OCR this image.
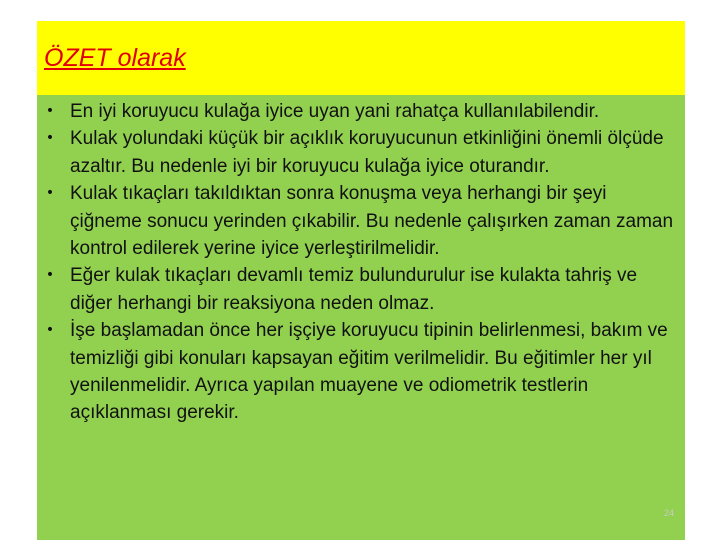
ÖZET olarak
• En iyi koruyucu kulağa iyice uyan yani rahatça kullanılabilendir.
• Kulak yolundaki küçük bir açıklık koruyucunun etkinliğini önemli ölçüde azaltır. Bu nedenle iyi bir koruyucu kulağa iyice oturandır.
• Kulak tıkaçları takıldıktan sonra konuşma veya herhangi bir şeyi çiğneme sonucu yerinden çıkabilir. Bu nedenle çalışırken zaman zaman kontrol edilerek yerine iyice yerleştirilmelidir.
• Eğer kulak tıkaçları devamlı temiz bulundurulur ise kulakta tahriş ve diğer herhangi bir reaksiyona neden olmaz.
• İşe başlamadan önce her işçiye koruyucu tipinin belirlenmesi, bakım ve temizliği gibi konuları kapsayan eğitim verilmelidir. Bu eğitimler her yıl yenilenmelidir. Ayrıca yapılan muayene ve odiometrik testlerin açıklanması gerekir.
24
